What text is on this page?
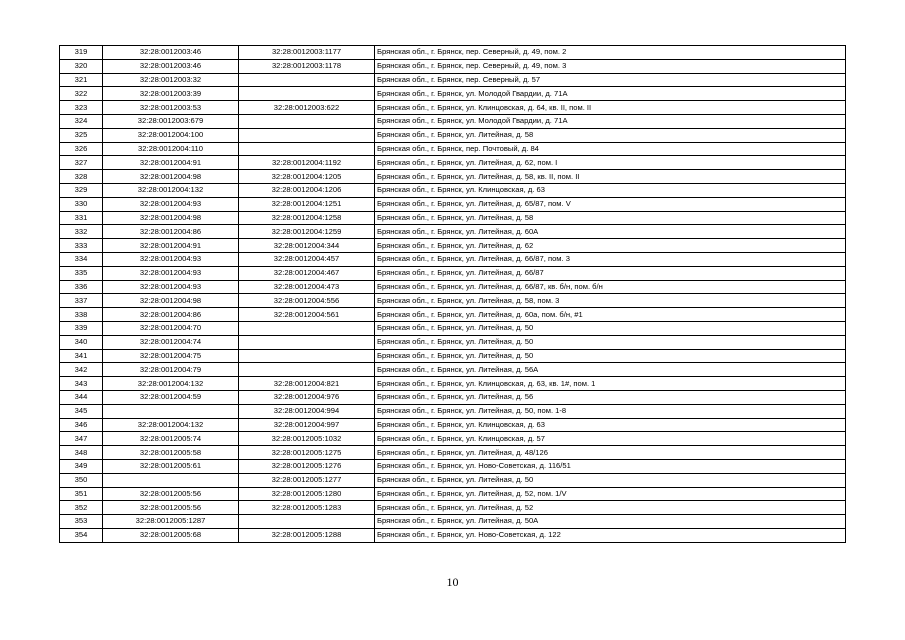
319	32:28:0012003:46	32:28:0012003:1177	Брянская обл., г. Брянск, пер. Северный, д. 49, пом. 2
320	32:28:0012003:46	32:28:0012003:1178	Брянская обл., г. Брянск, пер. Северный, д. 49, пом. 3
321	32:28:0012003:32		Брянская обл., г. Брянск, пер. Северный, д. 57
322	32:28:0012003:39		Брянская обл., г. Брянск, ул. Молодой Гвардии, д. 71А
323	32:28:0012003:53	32:28:0012003:622	Брянская обл., г. Брянск, ул. Клинцовская, д. 64, кв. II, пом. II
324	32:28:0012003:679		Брянская обл., г. Брянск, ул. Молодой Гвардии, д. 71А
325	32:28:0012004:100		Брянская обл., г. Брянск, ул. Литейная, д. 58
326	32:28:0012004:110		Брянская обл., г. Брянск, пер. Почтовый, д. 84
327	32:28:0012004:91	32:28:0012004:1192	Брянская обл., г. Брянск, ул. Литейная, д. 62, пом. I
328	32:28:0012004:98	32:28:0012004:1205	Брянская обл., г. Брянск, ул. Литейная, д. 58, кв. II, пом. II
329	32:28:0012004:132	32:28:0012004:1206	Брянская обл., г. Брянск, ул. Клинцовская, д. 63
330	32:28:0012004:93	32:28:0012004:1251	Брянская обл., г. Брянск, ул. Литейная, д. 65/87, пом. V
331	32:28:0012004:98	32:28:0012004:1258	Брянская обл., г. Брянск, ул. Литейная, д. 58
332	32:28:0012004:86	32:28:0012004:1259	Брянская обл., г. Брянск, ул. Литейная, д. 60А
333	32:28:0012004:91	32:28:0012004:344	Брянская обл., г. Брянск, ул. Литейная, д. 62
334	32:28:0012004:93	32:28:0012004:457	Брянская обл., г. Брянск, ул. Литейная, д. 66/87, пом. 3
335	32:28:0012004:93	32:28:0012004:467	Брянская обл., г. Брянск, ул. Литейная, д. 66/87
336	32:28:0012004:93	32:28:0012004:473	Брянская обл., г. Брянск, ул. Литейная, д. 66/87, кв. б/н, пом. б/н
337	32:28:0012004:98	32:28:0012004:556	Брянская обл., г. Брянск, ул. Литейная, д. 58, пом. 3
338	32:28:0012004:86	32:28:0012004:561	Брянская обл., г. Брянск, ул. Литейная, д. 60а, пом. б/н, #1
339	32:28:0012004:70		Брянская обл., г. Брянск, ул. Литейная, д. 50
340	32:28:0012004:74		Брянская обл., г. Брянск, ул. Литейная, д. 50
341	32:28:0012004:75		Брянская обл., г. Брянск, ул. Литейная, д. 50
342	32:28:0012004:79		Брянская обл., г. Брянск, ул. Литейная, д. 56А
343	32:28:0012004:132	32:28:0012004:821	Брянская обл., г. Брянск, ул. Клинцовская, д. 63, кв. 1#, пом. 1
344	32:28:0012004:59	32:28:0012004:976	Брянская обл., г. Брянск, ул. Литейная, д. 56
345		32:28:0012004:994	Брянская обл., г. Брянск, ул. Литейная, д. 50, пом. 1-8
346	32:28:0012004:132	32:28:0012004:997	Брянская обл., г. Брянск, ул. Клинцовская, д. 63
347	32:28:0012005:74	32:28:0012005:1032	Брянская обл., г. Брянск, ул. Клинцовская, д. 57
348	32:28:0012005:58	32:28:0012005:1275	Брянская обл., г. Брянск, ул. Литейная, д. 48/126
349	32:28:0012005:61	32:28:0012005:1276	Брянская обл., г. Брянск, ул. Ново-Советская, д. 116/51
350		32:28:0012005:1277	Брянская обл., г. Брянск, ул. Литейная, д. 50
351	32:28:0012005:56	32:28:0012005:1280	Брянская обл., г. Брянск, ул. Литейная, д. 52, пом. 1/V
352	32:28:0012005:56	32:28:0012005:1283	Брянская обл., г. Брянск, ул. Литейная, д. 52
353	32:28:0012005:1287		Брянская обл., г. Брянск, ул. Литейная, д. 50А
354	32:28:0012005:68	32:28:0012005:1288	Брянская обл., г. Брянск, ул. Ново-Советская, д. 122
10
